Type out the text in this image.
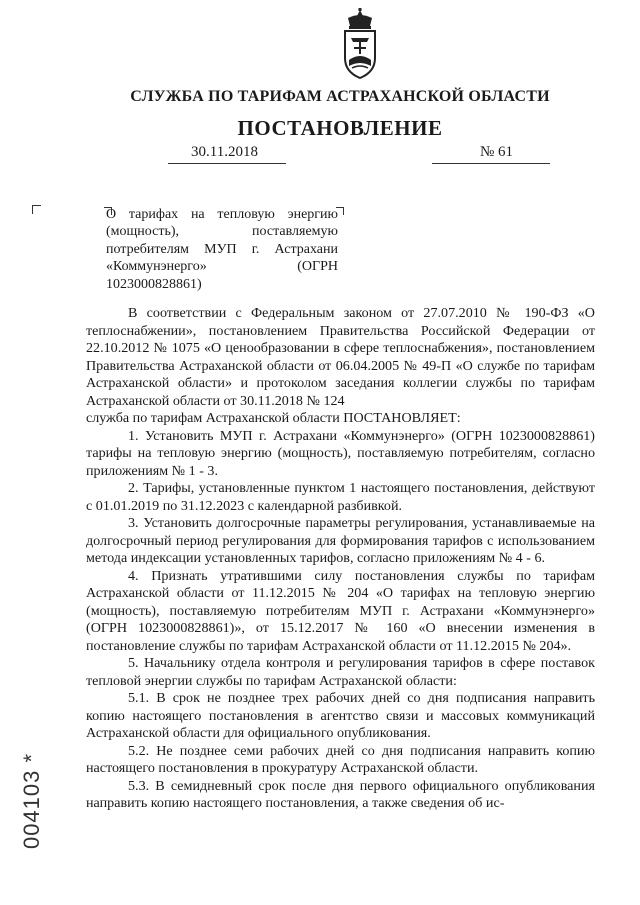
СЛУЖБА ПО ТАРИФАМ АСТРАХАНСКОЙ ОБЛАСТИ
ПОСТАНОВЛЕНИЕ
30.11.2018	№ 61
О тарифах на тепловую энергию (мощность), поставляемую потребителям МУП г. Астрахани «Коммунэнерго» (ОГРН 1023000828861)

В соответствии с Федеральным законом от 27.07.2010 № 190-ФЗ «О теплоснабжении», постановлением Правительства Российской Федерации от 22.10.2012 № 1075 «О ценообразовании в сфере теплоснабжения», постановлением Правительства Астраханской области от 06.04.2005 № 49-П «О службе по тарифам Астраханской области» и протоколом заседания коллегии службы по тарифам Астраханской области от 30.11.2018 № 124

служба по тарифам Астраханской области ПОСТАНОВЛЯЕТ:

1. Установить МУП г. Астрахани «Коммунэнерго» (ОГРН 1023000828861) тарифы на тепловую энергию (мощность), поставляемую потребителям, согласно приложениям № 1 - 3.

2. Тарифы, установленные пунктом 1 настоящего постановления, действуют с 01.01.2019 по 31.12.2023 с календарной разбивкой.

3. Установить долгосрочные параметры регулирования, устанавливаемые на долгосрочный период регулирования для формирования тарифов с использованием метода индексации установленных тарифов, согласно приложениям № 4 - 6.

4. Признать утратившими силу постановления службы по тарифам Астраханской области от 11.12.2015 № 204 «О тарифах на тепловую энергию (мощность), поставляемую потребителям МУП г. Астрахани «Коммунэнерго» (ОГРН 1023000828861)», от 15.12.2017 № 160 «О внесении изменения в постановление службы по тарифам Астраханской области от 11.12.2015 № 204».

5. Начальнику отдела контроля и регулирования тарифов в сфере поставок тепловой энергии службы по тарифам Астраханской области:

5.1. В срок не позднее трех рабочих дней со дня подписания направить копию настоящего постановления в агентство связи и массовых коммуникаций Астраханской области для официального опубликования.

5.2. Не позднее семи рабочих дней со дня подписания направить копию настоящего постановления в прокуратуру Астраханской области.

5.3. В семидневный срок после дня первого официального опубликования направить копию настоящего постановления, а также сведения об ис-

004103 *
